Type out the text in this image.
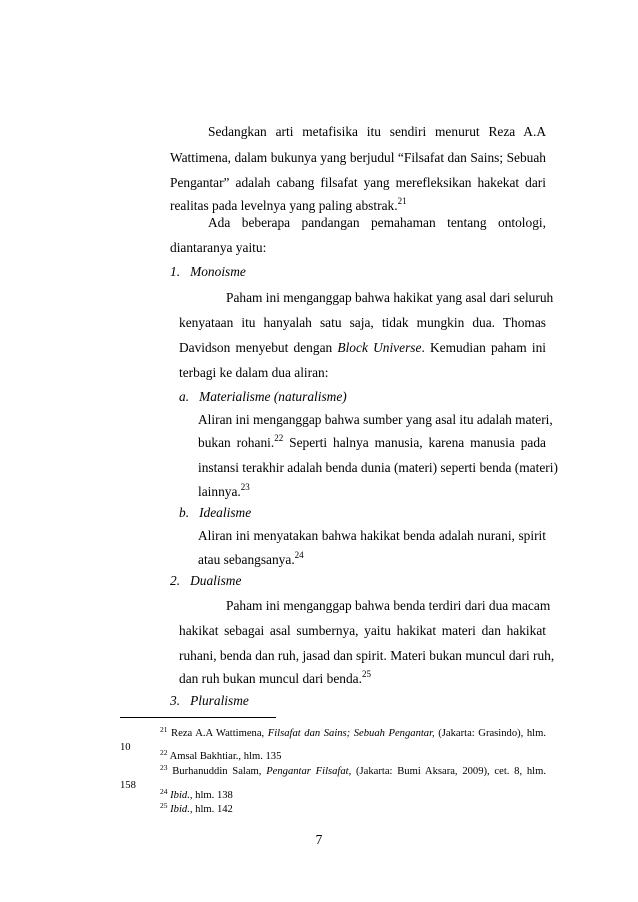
Sedangkan arti metafisika itu sendiri menurut Reza A.A
Wattimena, dalam bukunya yang berjudul “Filsafat dan Sains; Sebuah
Pengantar” adalah cabang filsafat yang merefleksikan hakekat dari
realitas pada levelnya yang paling abstrak.$^{21}$
Ada beberapa pandangan pemahaman tentang ontologi,
diantaranya yaitu:
1.   Monoisme
Paham ini menganggap bahwa hakikat yang asal dari seluruh
kenyataan itu hanyalah satu saja, tidak mungkin dua. Thomas
Davidson menyebut dengan Block Universe. Kemudian paham ini
terbagi ke dalam dua aliran:
a.   Materialisme (naturalisme)
Aliran ini menganggap bahwa sumber yang asal itu adalah materi,
bukan rohani.$^{22}$ Seperti halnya manusia, karena manusia pada
instansi terakhir adalah benda dunia (materi) seperti benda (materi)
lainnya.$^{23}$
b.   Idealisme
Aliran ini menyatakan bahwa hakikat benda adalah nurani, spirit
atau sebangsanya.$^{24}$
2.   Dualisme
Paham ini menganggap bahwa benda terdiri dari dua macam
hakikat sebagai asal sumbernya, yaitu hakikat materi dan hakikat
ruhani, benda dan ruh, jasad dan spirit. Materi bukan muncul dari ruh,
dan ruh bukan muncul dari benda.$^{25}$
3.   Pluralisme
$^{21}$ Reza A.A Wattimena, Filsafat dan Sains; Sebuah Pengantar, (Jakarta: Grasindo), hlm.
10	$^{22}$ Amsal Bakhtiar., hlm. 135
$^{23}$ Burhanuddin Salam, Pengantar Filsafat, (Jakarta: Bumi Aksara, 2009), cet. 8, hlm.
158
$^{24}$ Ibid., hlm. 138
$^{25}$ Ibid., hlm. 142
7
